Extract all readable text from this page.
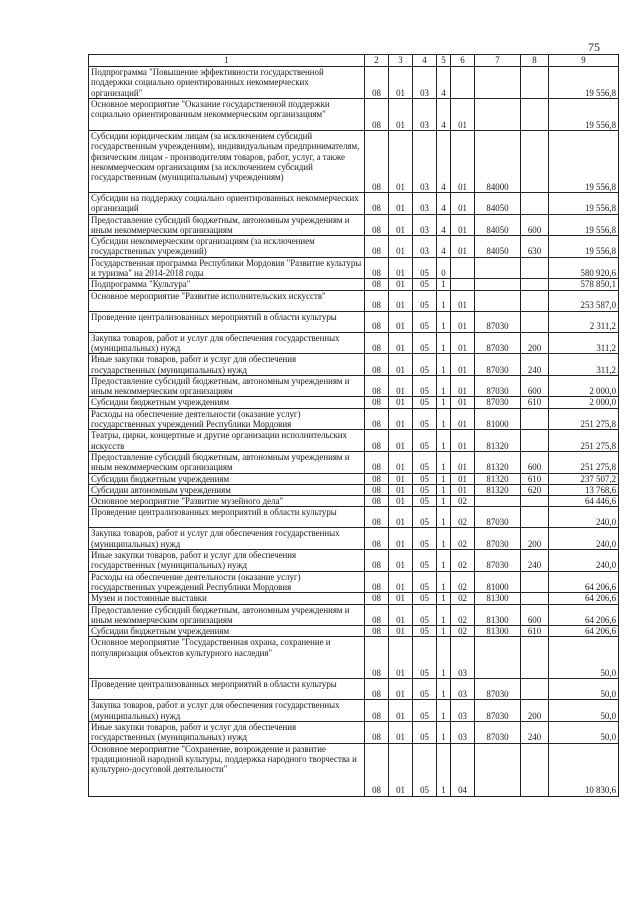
75
1	2	3	4	5	6	7	8	9
Подпрограмма "Повышение эффективности государственной поддержки социально ориентированных некоммерческих организаций"	08	01	03	4				19 556,8
Основное мероприятие "Оказание государственной поддержки социально ориентированным некоммерческим организациям"	08	01	03	4	01			19 556,8
Субсидии юридическим лицам (за исключением субсидий государственным учреждениям), индивидуальным предпринимателям, физическим лицам - производителям товаров, работ, услуг, а также некоммерческим организациям (за исключением субсидий государственным (муниципальным) учреждениям)	08	01	03	4	01	84000		19 556,8
Субсидии на поддержку социально ориентированных некоммерческих организаций	08	01	03	4	01	84050		19 556,8
Предоставление субсидий бюджетным, автономным учреждениям и иным некоммерческим организациям	08	01	03	4	01	84050	600	19 556,8
Субсидии некоммерческим организациям (за исключением государственных учреждений)	08	01	03	4	01	84050	630	19 556,8
Государственная программа Республики Мордовия "Развитие культуры и туризма" на 2014-2018 годы	08	01	05	0				580 920,6
Подпрограмма "Культура"	08	01	05	1				578 850,1
Основное мероприятие "Развитие исполнительских искусств"	08	01	05	1	01			253 587,0
Проведение централизованных мероприятий в области культуры	08	01	05	1	01	87030		2 311,2
Закупка товаров, работ и услуг для обеспечения государственных (муниципальных) нужд	08	01	05	1	01	87030	200	311,2
Иные закупки товаров, работ и услуг для обеспечения государственных (муниципальных) нужд	08	01	05	1	01	87030	240	311,2
Предоставление субсидий бюджетным, автономным учреждениям и иным некоммерческим организациям	08	01	05	1	01	87030	600	2 000,0
Субсидии бюджетным учреждениям	08	01	05	1	01	87030	610	2 000,0
Расходы на обеспечение деятельности (оказание услуг) государственных учреждений Республики Мордовия	08	01	05	1	01	81000		251 275,8
Театры, цирки, концертные и другие организации исполнительских искусств	08	01	05	1	01	81320		251 275,8
Предоставление субсидий бюджетным, автономным учреждениям и иным некоммерческим организациям	08	01	05	1	01	81320	600	251 275,8
Субсидии бюджетным учреждениям	08	01	05	1	01	81320	610	237 507,2
Субсидии автономным учреждениям	08	01	05	1	01	81320	620	13 768,6
Основное мероприятие "Развитие музейного дела"	08	01	05	1	02			64 446,6
Проведение централизованных мероприятий в области культуры	08	01	05	1	02	87030		240,0
Закупка товаров, работ и услуг для обеспечения государственных (муниципальных) нужд	08	01	05	1	02	87030	200	240,0
Иные закупки товаров, работ и услуг для обеспечения государственных (муниципальных) нужд	08	01	05	1	02	87030	240	240,0
Расходы на обеспечение деятельности (оказание услуг) государственных учреждений Республики Мордовия	08	01	05	1	02	81000		64 206,6
Музеи и постоянные выставки	08	01	05	1	02	81300		64 206,6
Предоставление субсидий бюджетным, автономным учреждениям и иным некоммерческим организациям	08	01	05	1	02	81300	600	64 206,6
Субсидии бюджетным учреждениям	08	01	05	1	02	81300	610	64 206,6
Основное мероприятие "Государственная охрана, сохранение и популяризация объектов культурного наследия"	08	01	05	1	03			50,0
Проведение централизованных мероприятий в области культуры	08	01	05	1	03	87030		50,0
Закупка товаров, работ и услуг для обеспечения государственных (муниципальных) нужд	08	01	05	1	03	87030	200	50,0
Иные закупки товаров, работ и услуг для обеспечения государственных (муниципальных) нужд	08	01	05	1	03	87030	240	50,0
Основное мероприятие "Сохранение, возрождение и развитие традиционной народной культуры, поддержка народного творчества и культурно-досуговой деятельности"	08	01	05	1	04			10 830,6
